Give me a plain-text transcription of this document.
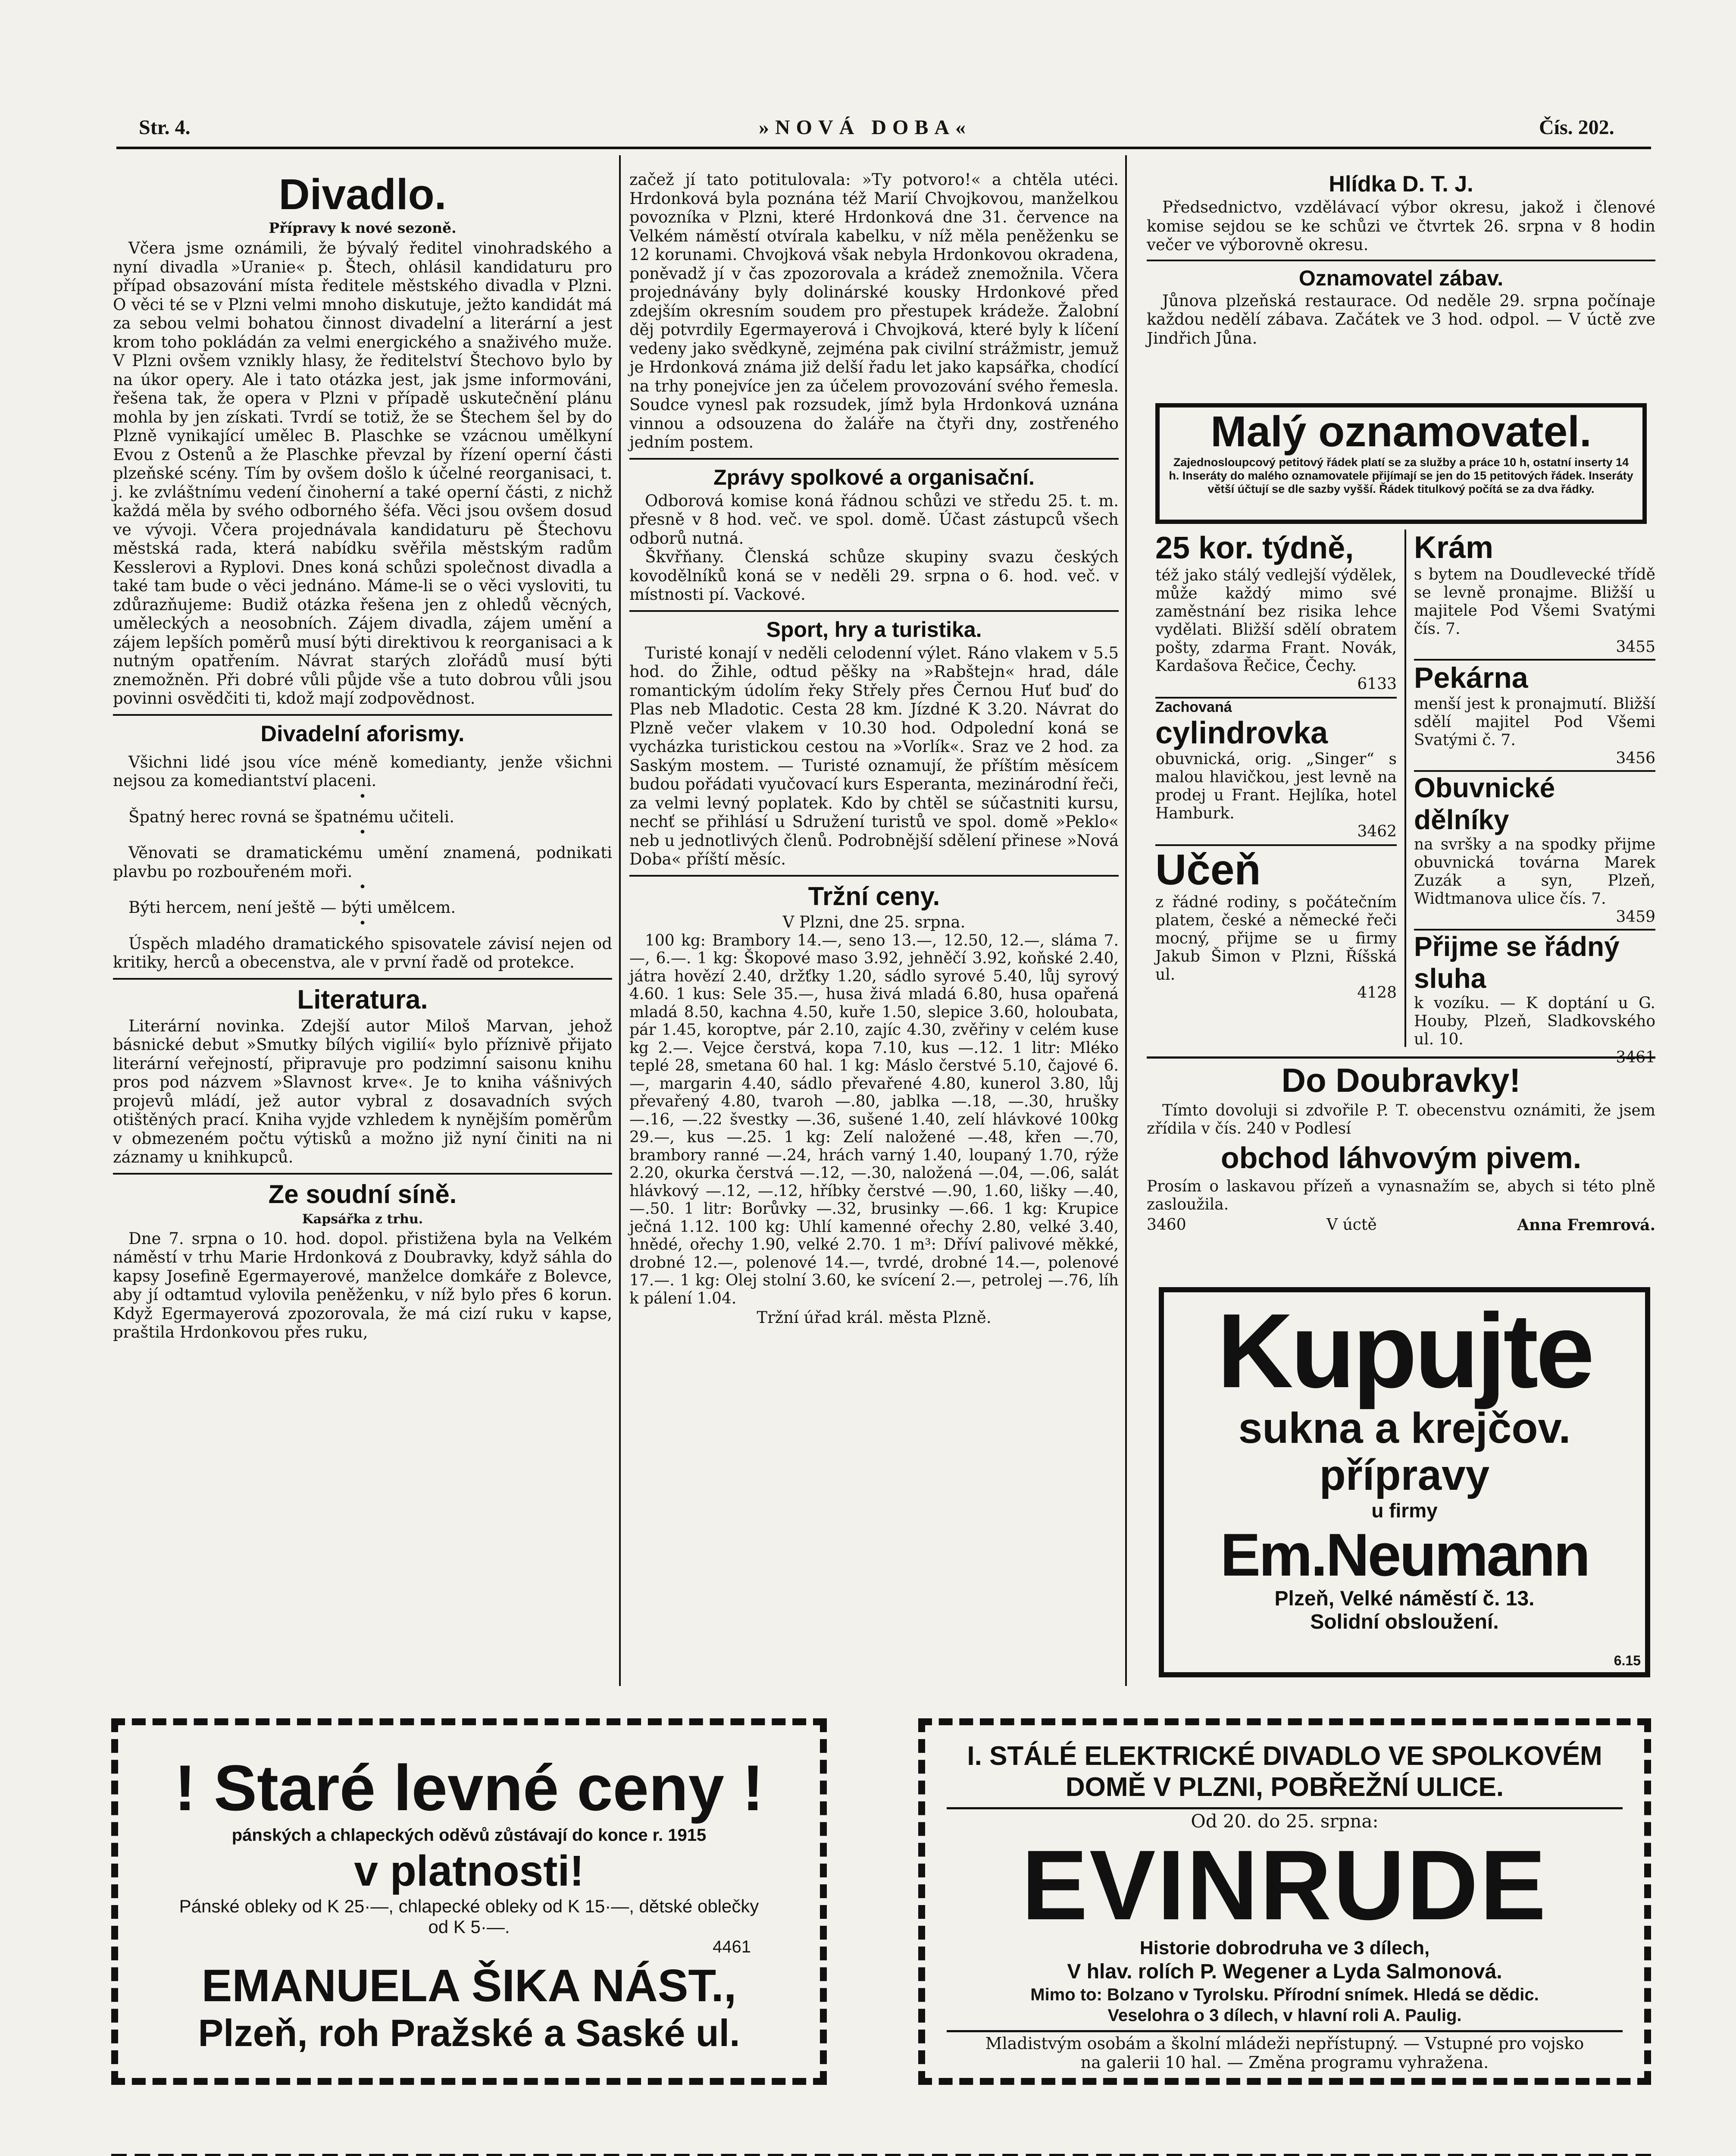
Str. 4.	»NOVÁ DOBA«	Čís. 202.
Divadlo.
Přípravy k nové sezoně.
Včera jsme oznámili, že bývalý ředitel vinohradského a nyní divadla »Uranie« p. Štech, ohlásil kandidaturu pro případ obsazování místa ředitele městského divadla v Plzni. O věci té se v Plzni velmi mnoho diskutuje, ježto kandidát má za sebou velmi bohatou činnost divadelní a literární a jest krom toho pokládán za velmi energického a snaživého muže. V Plzni ovšem vznikly hlasy, že ředitelství Štechovo bylo by na úkor opery. Ale i tato otázka jest, jak jsme informováni, řešena tak, že opera v Plzni v případě uskutečnění plánu mohla by jen získati. Tvrdí se totiž, že se Štechem šel by do Plzně vynikající umělec B. Plaschke se vzácnou umělkyní Evou z Ostenů a že Plaschke převzal by řízení operní části plzeňské scény. Tím by ovšem došlo k účelné reorganisaci, t. j. ke zvláštnímu vedení činoherní a také operní části, z nichž každá měla by svého odborného šéfa. Věci jsou ovšem dosud ve vývoji. Včera projednávala kandidaturu pě Štechovu městská rada, která nabídku svěřila městským radům Kesslerovi a Ryplovi. Dnes koná schůzi společnost divadla a také tam bude o věci jednáno. Máme-li se o věci vysloviti, tu zdůrazňujeme: Budiž otázka řešena jen z ohledů věcných, uměleckých a neosobních. Zájem divadla, zájem umění a zájem lepších poměrů musí býti direktivou k reorganisaci a k nutným opatřením. Návrat starých zlořádů musí býti znemožněn. Při dobré vůli půjde vše a tuto dobrou vůli jsou povinni osvědčiti ti, kdož mají zodpovědnost.
Divadelní aforismy.
Všichni lidé jsou více méně komedianty, jenže všichni nejsou za komediantství placeni.
•
Špatný herec rovná se špatnému učiteli.
•
Věnovati se dramatickému umění znamená, podnikati plavbu po rozbouřeném moři.
•
Býti hercem, není ještě — býti umělcem.
•
Úspěch mladého dramatického spisovatele závisí nejen od kritiky, herců a obecenstva, ale v první řadě od protekce.
Literatura.
Literární novinka. Zdejší autor Miloš Marvan, jehož básnické debut »Smutky bílých vigilií« bylo příznivě přijato literární veřejností, připravuje pro podzimní saisonu knihu pros pod názvem »Slavnost krve«. Je to kniha vášnivých projevů mládí, jež autor vybral z dosavadních svých otištěných prací. Kniha vyjde vzhledem k nynějším poměrům v obmezeném počtu výtisků a možno již nyní činiti na ni záznamy u knihkupců.
Ze soudní síně.
Kapsářka z trhu.
Dne 7. srpna o 10. hod. dopol. přistižena byla na Velkém náměstí v trhu Marie Hrdonková z Doubravky, když sáhla do kapsy Josefině Egermayerové, manželce domkáře z Bolevce, aby jí odtamtud vylovila peněženku, v níž bylo přes 6 korun. Když Egermayerová zpozorovala, že má cizí ruku v kapse, praštila Hrdonkovou přes ruku,
začež jí tato potitulovala: »Ty potvoro!« a chtěla utéci. Hrdonková byla poznána též Marií Chvojkovou, manželkou povozníka v Plzni, které Hrdonková dne 31. července na Velkém náměstí otvírala kabelku, v níž měla peněženku se 12 korunami. Chvojková však nebyla Hrdonkovou okradena, poněvadž jí v čas zpozorovala a krádež znemožnila. Včera projednávány byly dolinárské kousky Hrdonkové před zdejším okresním soudem pro přestupek krádeže. Žalobní děj potvrdily Egermayerová i Chvojková, které byly k líčení vedeny jako svědkyně, zejména pak civilní strážmistr, jemuž je Hrdonková známa již delší řadu let jako kapsářka, chodící na trhy ponejvíce jen za účelem provozování svého řemesla. Soudce vynesl pak rozsudek, jímž byla Hrdonková uznána vinnou a odsouzena do žaláře na čtyři dny, zostřeného jedním postem.
Zprávy spolkové a organisační.
Odborová komise koná řádnou schůzi ve středu 25. t. m. přesně v 8 hod. več. ve spol. domě. Účast zástupců všech odborů nutná.
Škvřňany. Členská schůze skupiny svazu českých kovodělníků koná se v neděli 29. srpna o 6. hod. več. v místnosti pí. Vackové.
Sport, hry a turistika.
Turisté konají v neděli celodenní výlet. Ráno vlakem v 5.5 hod. do Žihle, odtud pěšky na »Rabštejn« hrad, dále romantickým údolím řeky Střely přes Černou Huť buď do Plas neb Mladotic. Cesta 28 km. Jízdné K 3.20. Návrat do Plzně večer vlakem v 10.30 hod. Odpolední koná se vycházka turistickou cestou na »Vorlík«. Sraz ve 2 hod. za Saským mostem. — Turisté oznamují, že příštím měsícem budou pořádati vyučovací kurs Esperanta, mezinárodní řeči, za velmi levný poplatek. Kdo by chtěl se súčastniti kursu, nechť se přihlásí u Sdružení turistů ve spol. domě »Peklo« neb u jednotlivých členů. Podrobnější sdělení přinese »Nová Doba« příští měsíc.
Tržní ceny.
V Plzni, dne 25. srpna.
100 kg: Brambory 14.—, seno 13.—, 12.50, 12.—, sláma 7.—, 6.—. 1 kg: Škopové maso 3.92, jehněčí 3.92, koňské 2.40, játra hovězí 2.40, držťky 1.20, sádlo syrové 5.40, lůj syrový 4.60. 1 kus: Sele 35.—, husa živá mladá 6.80, husa opařená mladá 8.50, kachna 4.50, kuře 1.50, slepice 3.60, holoubata, pár 1.45, koroptve, pár 2.10, zajíc 4.30, zvěřiny v celém kuse kg 2.—. Vejce čerstvá, kopa 7.10, kus —.12. 1 litr: Mléko teplé 28, smetana 60 hal. 1 kg: Máslo čerstvé 5.10, čajové 6.—, margarin 4.40, sádlo převařené 4.80, kunerol 3.80, lůj převařený 4.80, tvaroh —.80, jablka —.18, —.30, hrušky —.16, —.22 švestky —.36, sušené 1.40, zelí hlávkové 100kg 29.—, kus —.25. 1 kg: Zelí naložené —.48, křen —.70, brambory ranné —.24, hrách varný 1.40, loupaný 1.70, rýže 2.20, okurka čerstvá —.12, —.30, naložená —.04, —.06, salát hlávkový —.12, —.12, hříbky čerstvé —.90, 1.60, lišky —.40, —.50. 1 litr: Borůvky —.32, brusinky —.66. 1 kg: Krupice ječná 1.12. 100 kg: Uhlí kamenné ořechy 2.80, velké 3.40, hnědé, ořechy 1.90, velké 2.70. 1 m³: Dříví palivové měkké, drobné 12.—, polenové 14.—, tvrdé, drobné 14.—, polenové 17.—. 1 kg: Olej stolní 3.60, ke svícení 2.—, petrolej —.76, líh k pálení 1.04.
Tržní úřad král. města Plzně.
Hlídka D. T. J.
Předsednictvo, vzdělávací výbor okresu, jakož i členové komise sejdou se ke schůzi ve čtvrtek 26. srpna v 8 hodin večer ve výborovně okresu.
Oznamovatel zábav.
Jůnova plzeňská restaurace. Od neděle 29. srpna počínaje každou nedělí zábava. Začátek ve 3 hod. odpol. — V úctě zve Jindřich Jůna.
Malý oznamovatel.
Zajednosloupcový petitový řádek platí se za služby a práce 10 h, ostatní inserty 14 h. Inseráty do malého oznamovatele přijímají se jen do 15 petitových řádek. Inseráty větší účtují se dle sazby vyšší. Řádek titulkový počítá se za dva řádky.
25 kor. týdně,
též jako stálý vedlejší výdělek, může každý mimo své zaměstnání bez risika lehce vydělati. Bližší sdělí obratem pošty, zdarma Frant. Novák, Kardašova Řečice, Čechy.
6133
Zachovaná
cylindrovka
obuvnická, orig. „Singer“ s malou hlavičkou, jest levně na prodej u Frant. Hejlíka, hotel Hamburk.
3462
Učeň
z řádné rodiny, s počátečním platem, české a německé řeči mocný, přijme se u firmy Jakub Šimon v Plzni, Říšská ul.
4128
Krám
s bytem na Doudlevecké třídě se levně pronajme. Bližší u majitele Pod Všemi Svatými čís. 7.
3455
Pekárna
menší jest k pronajmutí. Bližší sdělí majitel Pod Všemi Svatými č. 7.
3456
Obuvnické dělníky
na svršky a na spodky přijme obuvnická továrna Marek Zuzák a syn, Plzeň, Widtmanova ulice čís. 7.
3459
Přijme se řádný sluha
k vozíku. — K doptání u G. Houby, Plzeň, Sladkovského ul. 10.
3461
Do Doubravky!
Tímto dovoluji si zdvořile P. T. obecenstvu oznámiti, že jsem zřídila v čís. 240 v Podlesí
obchod láhvovým pivem.
Prosím o laskavou přízeň a vynasnažím se, abych si této plně zasloužila.
3460	V úctě	Anna Fremrová.
Kupujte
sukna a krejčov.
přípravy
u firmy
Em.Neumann
Plzeň, Velké náměstí č. 13.
Solidní obsloužení.
6.15
! Staré levné ceny !
pánských a chlapeckých oděvů zůstávají do konce r. 1915
v platnosti!
Pánské obleky od K 25·—, chlapecké obleky od K 15·—, dětské oblečky od K 5·—.
4461
EMANUELA ŠIKA NÁST.,
Plzeň, roh Pražské a Saské ul.
I. STÁLÉ ELEKTRICKÉ DIVADLO VE SPOLKOVÉM DOMĚ V PLZNI, POBŘEŽNÍ ULICE.
Od 20. do 25. srpna:
EVINRUDE
Historie dobrodruha ve 3 dílech,
V hlav. rolích P. Wegener a Lyda Salmonová.
Mimo to: Bolzano v Tyrolsku. Přírodní snímek. Hledá se dědic. Veselohra o 3 dílech, v hlavní roli A. Paulig.
Mladistvým osobám a školní mládeži nepřístupný. — Vstupné pro vojsko na galerii 10 hal. — Změna programu vyhražena.
